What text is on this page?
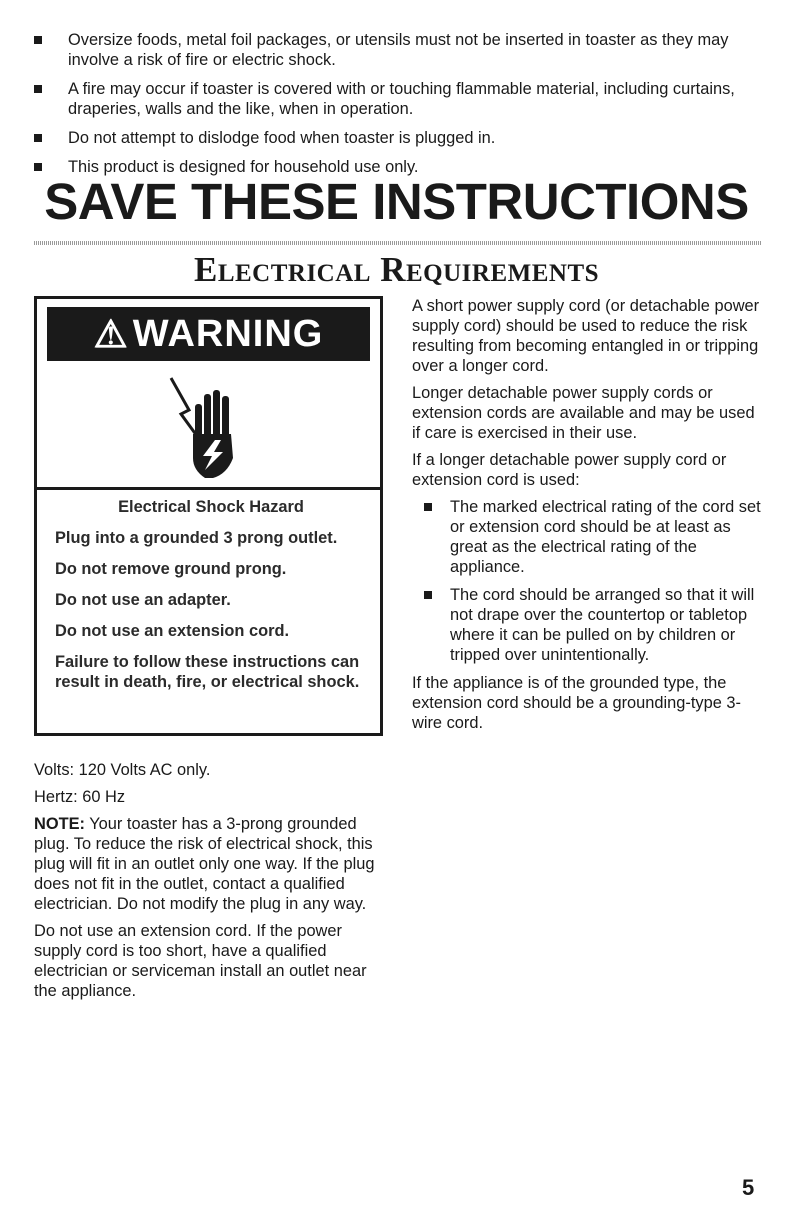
Oversize foods, metal foil packages, or utensils must not be inserted in toaster as they may involve a risk of fire or electric shock.
A fire may occur if toaster is covered with or touching flammable material, including curtains, draperies, walls and the like, when in operation.
Do not attempt to dislodge food when toaster is plugged in.
This product is designed for household use only.
SAVE THESE INSTRUCTIONS
Electrical Requirements
⚠ WARNING

Electrical Shock Hazard

Plug into a grounded 3 prong outlet.

Do not remove ground prong.

Do not use an adapter.

Do not use an extension cord.

Failure to follow these instructions can result in death, fire, or electrical shock.

A short power supply cord (or detachable power supply cord) should be used to reduce the risk resulting from becoming entangled in or tripping over a longer cord.

Longer detachable power supply cords or extension cords are available and may be used if care is exercised in their use.

If a longer detachable power supply cord or extension cord is used:

The marked electrical rating of the cord set or extension cord should be at least as great as the electrical rating of the appliance.
The cord should be arranged so that it will not drape over the countertop or tabletop where it can be pulled on by children or tripped over unintentionally.

If the appliance is of the grounded type, the extension cord should be a grounding-type 3-wire cord.

Volts: 120 Volts AC only.

Hertz: 60 Hz

NOTE: Your toaster has a 3-prong grounded plug. To reduce the risk of electrical shock, this plug will fit in an outlet only one way. If the plug does not fit in the outlet, contact a qualified electrician. Do not modify the plug in any way.

Do not use an extension cord. If the power supply cord is too short, have a qualified electrician or serviceman install an outlet near the appliance.

5
